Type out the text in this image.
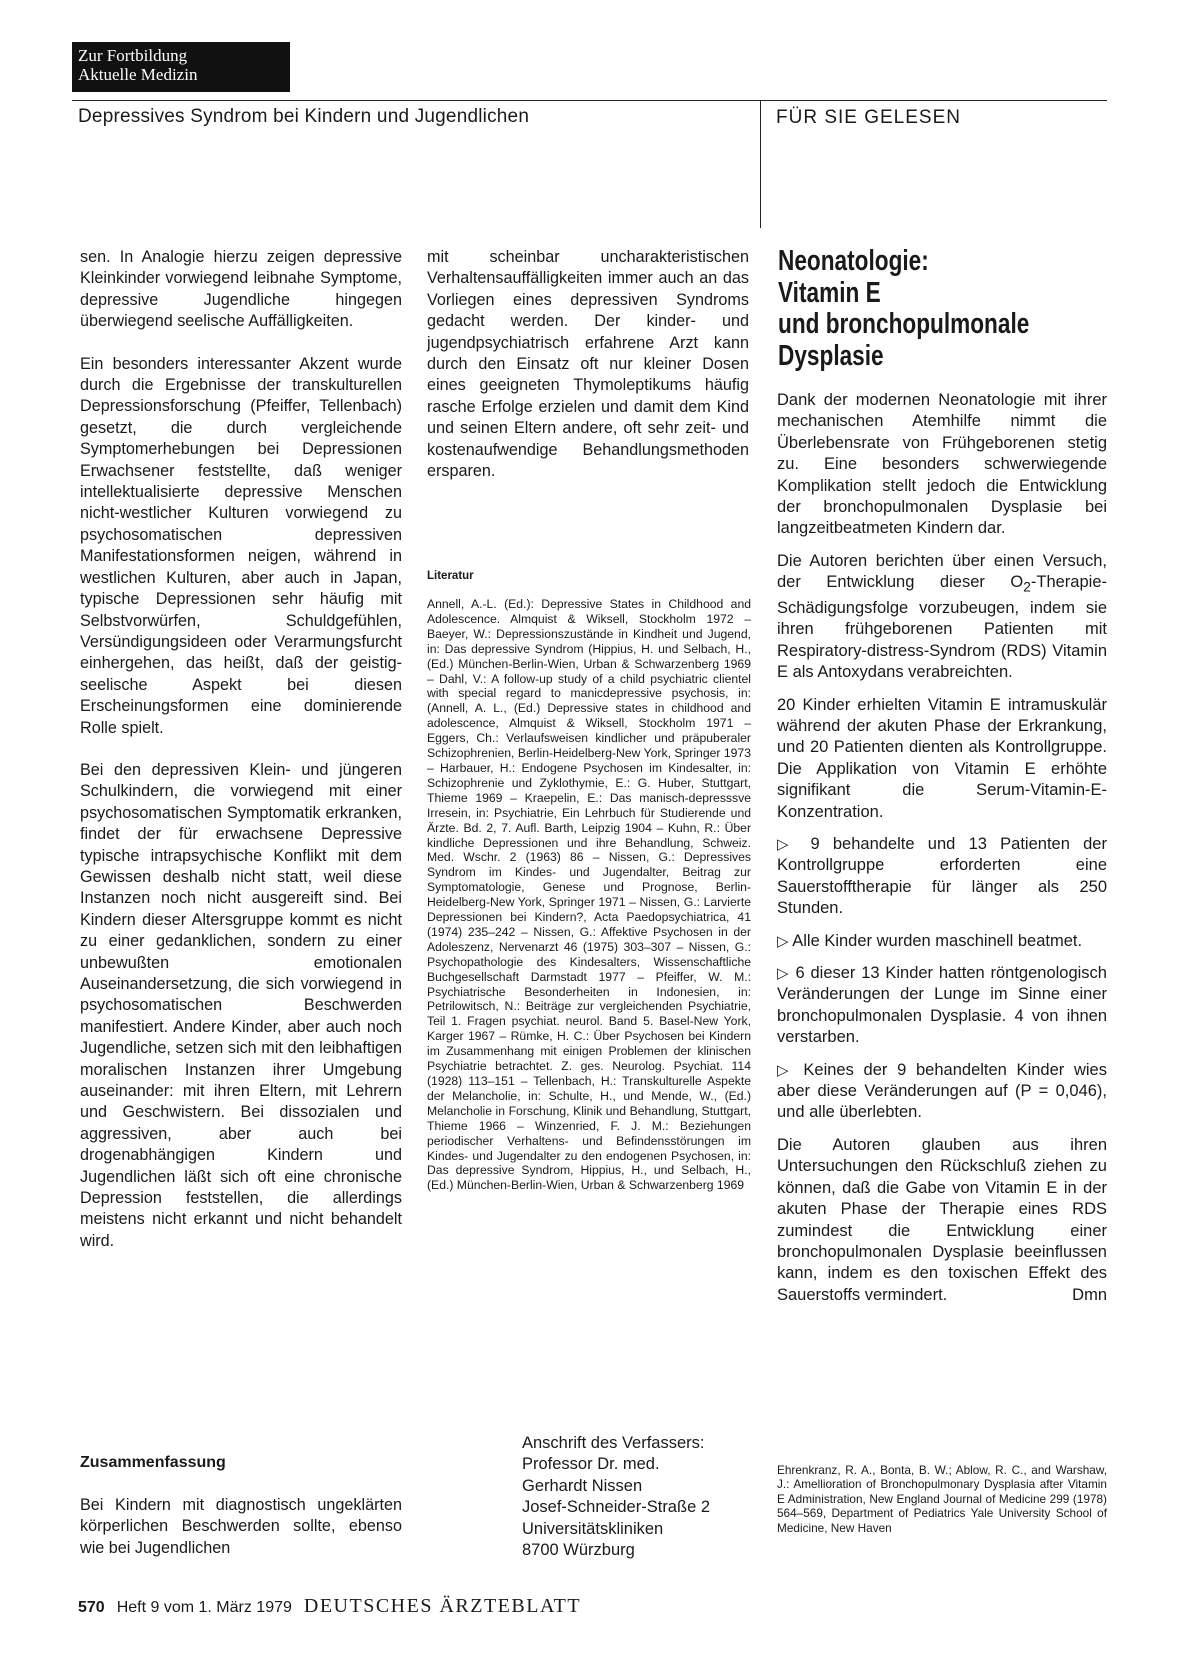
Zur Fortbildung
Aktuelle Medizin
Depressives Syndrom bei Kindern und Jugendlichen	FÜR SIE GELESEN

sen. In Analogie hierzu zeigen depressive Kleinkinder vorwiegend leibnahe Symptome, depressive Jugendliche hingegen überwiegend seelische Auffälligkeiten.

Ein besonders interessanter Akzent wurde durch die Ergebnisse der transkulturellen Depressionsforschung (Pfeiffer, Tellenbach) gesetzt, die durch vergleichende Symptomerhebungen bei Depressionen Erwachsener feststellte, daß weniger intellektualisierte depressive Menschen nicht-westlicher Kulturen vorwiegend zu psychosomatischen depressiven Manifestationsformen neigen, während in westlichen Kulturen, aber auch in Japan, typische Depressionen sehr häufig mit Selbstvorwürfen, Schuldgefühlen, Versündigungsideen oder Verarmungsfurcht einhergehen, das heißt, daß der geistig-seelische Aspekt bei diesen Erscheinungsformen eine dominierende Rolle spielt.

Bei den depressiven Klein- und jüngeren Schulkindern, die vorwiegend mit einer psychosomatischen Symptomatik erkranken, findet der für erwachsene Depressive typische intrapsychische Konflikt mit dem Gewissen deshalb nicht statt, weil diese Instanzen noch nicht ausgereift sind. Bei Kindern dieser Altersgruppe kommt es nicht zu einer gedanklichen, sondern zu einer unbewußten emotionalen Auseinandersetzung, die sich vorwiegend in psychosomatischen Beschwerden manifestiert. Andere Kinder, aber auch noch Jugendliche, setzen sich mit den leibhaftigen moralischen Instanzen ihrer Umgebung auseinander: mit ihren Eltern, mit Lehrern und Geschwistern. Bei dissozialen und aggressiven, aber auch bei drogenabhängigen Kindern und Jugendlichen läßt sich oft eine chronische Depression feststellen, die allerdings meistens nicht erkannt und nicht behandelt wird.

Zusammenfassung
Bei Kindern mit diagnostisch ungeklärten körperlichen Beschwerden sollte, ebenso wie bei Jugendlichen

mit scheinbar uncharakteristischen Verhaltensauffälligkeiten immer auch an das Vorliegen eines depressiven Syndroms gedacht werden. Der kinder- und jugendpsychiatrisch erfahrene Arzt kann durch den Einsatz oft nur kleiner Dosen eines geeigneten Thymoleptikums häufig rasche Erfolge erzielen und damit dem Kind und seinen Eltern andere, oft sehr zeit- und kostenaufwendige Behandlungsmethoden ersparen.

Literatur
Annell, A.-L. (Ed.): Depressive States in Childhood and Adolescence. Almquist & Wiksell, Stockholm 1972 – Baeyer, W.: Depressionszustände in Kindheit und Jugend, in: Das depressive Syndrom (Hippius, H. und Selbach, H., (Ed.) München-Berlin-Wien, Urban & Schwarzenberg 1969 – Dahl, V.: A follow-up study of a child psychiatric clientel with special regard to manicdepressive psychosis, in: (Annell, A. L., (Ed.) Depressive states in childhood and adolescence, Almquist & Wiksell, Stockholm 1971 – Eggers, Ch.: Verlaufsweisen kindlicher und präpuberaler Schizophrenien, Berlin-Heidelberg-New York, Springer 1973 – Harbauer, H.: Endogene Psychosen im Kindesalter, in: Schizophrenie und Zyklothymie, E.: G. Huber, Stuttgart, Thieme 1969 – Kraepelin, E.: Das manisch-depresssve Irresein, in: Psychiatrie, Ein Lehrbuch für Studierende und Ärzte. Bd. 2, 7. Aufl. Barth, Leipzig 1904 – Kuhn, R.: Über kindliche Depressionen und ihre Behandlung, Schweiz. Med. Wschr. 2 (1963) 86 – Nissen, G.: Depressives Syndrom im Kindes- und Jugendalter, Beitrag zur Symptomatologie, Genese und Prognose, Berlin-Heidelberg-New York, Springer 1971 – Nissen, G.: Larvierte Depressionen bei Kindern?, Acta Paedopsychiatrica, 41 (1974) 235–242 – Nissen, G.: Affektive Psychosen in der Adoleszenz, Nervenarzt 46 (1975) 303–307 – Nissen, G.: Psychopathologie des Kindesalters, Wissenschaftliche Buchgesellschaft Darmstadt 1977 – Pfeiffer, W. M.: Psychiatrische Besonderheiten in Indonesien, in: Petrilowitsch, N.: Beiträge zur vergleichenden Psychiatrie, Teil 1. Fragen psychiat. neurol. Band 5. Basel-New York, Karger 1967 – Rümke, H. C.: Über Psychosen bei Kindern im Zusammenhang mit einigen Problemen der klinischen Psychiatrie betrachtet. Z. ges. Neurolog. Psychiat. 114 (1928) 113–151 – Tellenbach, H.: Transkulturelle Aspekte der Melancholie, in: Schulte, H., und Mende, W., (Ed.) Melancholie in Forschung, Klinik und Behandlung, Stuttgart, Thieme 1966 – Winzenried, F. J. M.: Beziehungen periodischer Verhaltens- und Befindensstörungen im Kindes- und Jugendalter zu den endogenen Psychosen, in: Das depressive Syndrom, Hippius, H., und Selbach, H., (Ed.) München-Berlin-Wien, Urban & Schwarzenberg 1969
Anschrift des Verfassers:
Professor Dr. med.
Gerhardt Nissen
Josef-Schneider-Straße 2
Universitätskliniken
8700 Würzburg
Neonatologie:
Vitamin E
und bronchopulmonale
Dysplasie

Dank der modernen Neonatologie mit ihrer mechanischen Atemhilfe nimmt die Überlebensrate von Frühgeborenen stetig zu. Eine besonders schwerwiegende Komplikation stellt jedoch die Entwicklung der bronchopulmonalen Dysplasie bei langzeitbeatmeten Kindern dar.

Die Autoren berichten über einen Versuch, der Entwicklung dieser $O_2-Therapie$-Schädigungsfolge vorzubeugen, indem sie ihren frühgeborenen Patienten mit Respiratory-distress-Syndrom (RDS) Vitamin E als Antoxydans verabreichten.

20 Kinder erhielten Vitamin E intramuskulär während der akuten Phase der Erkrankung, und 20 Patienten dienten als Kontrollgruppe. Die Applikation von Vitamin E erhöhte signifikant die Serum-Vitamin-E-Konzentration.

▷ 9 behandelte und 13 Patienten der Kontrollgruppe erforderten eine Sauerstofftherapie für länger als 250 Stunden.

▷ Alle Kinder wurden maschinell beatmet.

▷ 6 dieser 13 Kinder hatten röntgenologisch Veränderungen der Lunge im Sinne einer bronchopulmonalen Dysplasie. 4 von ihnen verstarben.

▷ Keines der 9 behandelten Kinder wies aber diese Veränderungen auf (P = 0,046), und alle überlebten.

Die Autoren glauben aus ihren Untersuchungen den Rückschluß ziehen zu können, daß die Gabe von Vitamin E in der akuten Phase der Therapie eines RDS zumindest die Entwicklung einer bronchopulmonalen Dysplasie beeinflussen kann, indem es den toxischen Effekt des Sauerstoffs vermindert.	Dmn

Ehrenkranz, R. A., Bonta, B. W.; Ablow, R. C., and Warshaw, J.: Amellioration of Bronchopulmonary Dysplasia after Vitamin E Administration, New England Journal of Medicine 299 (1978) 564–569, Department of Pediatrics Yale University School of Medicine, New Haven
570 Heft 9 vom 1. März 1979 DEUTSCHES ÄRZTEBLATT
